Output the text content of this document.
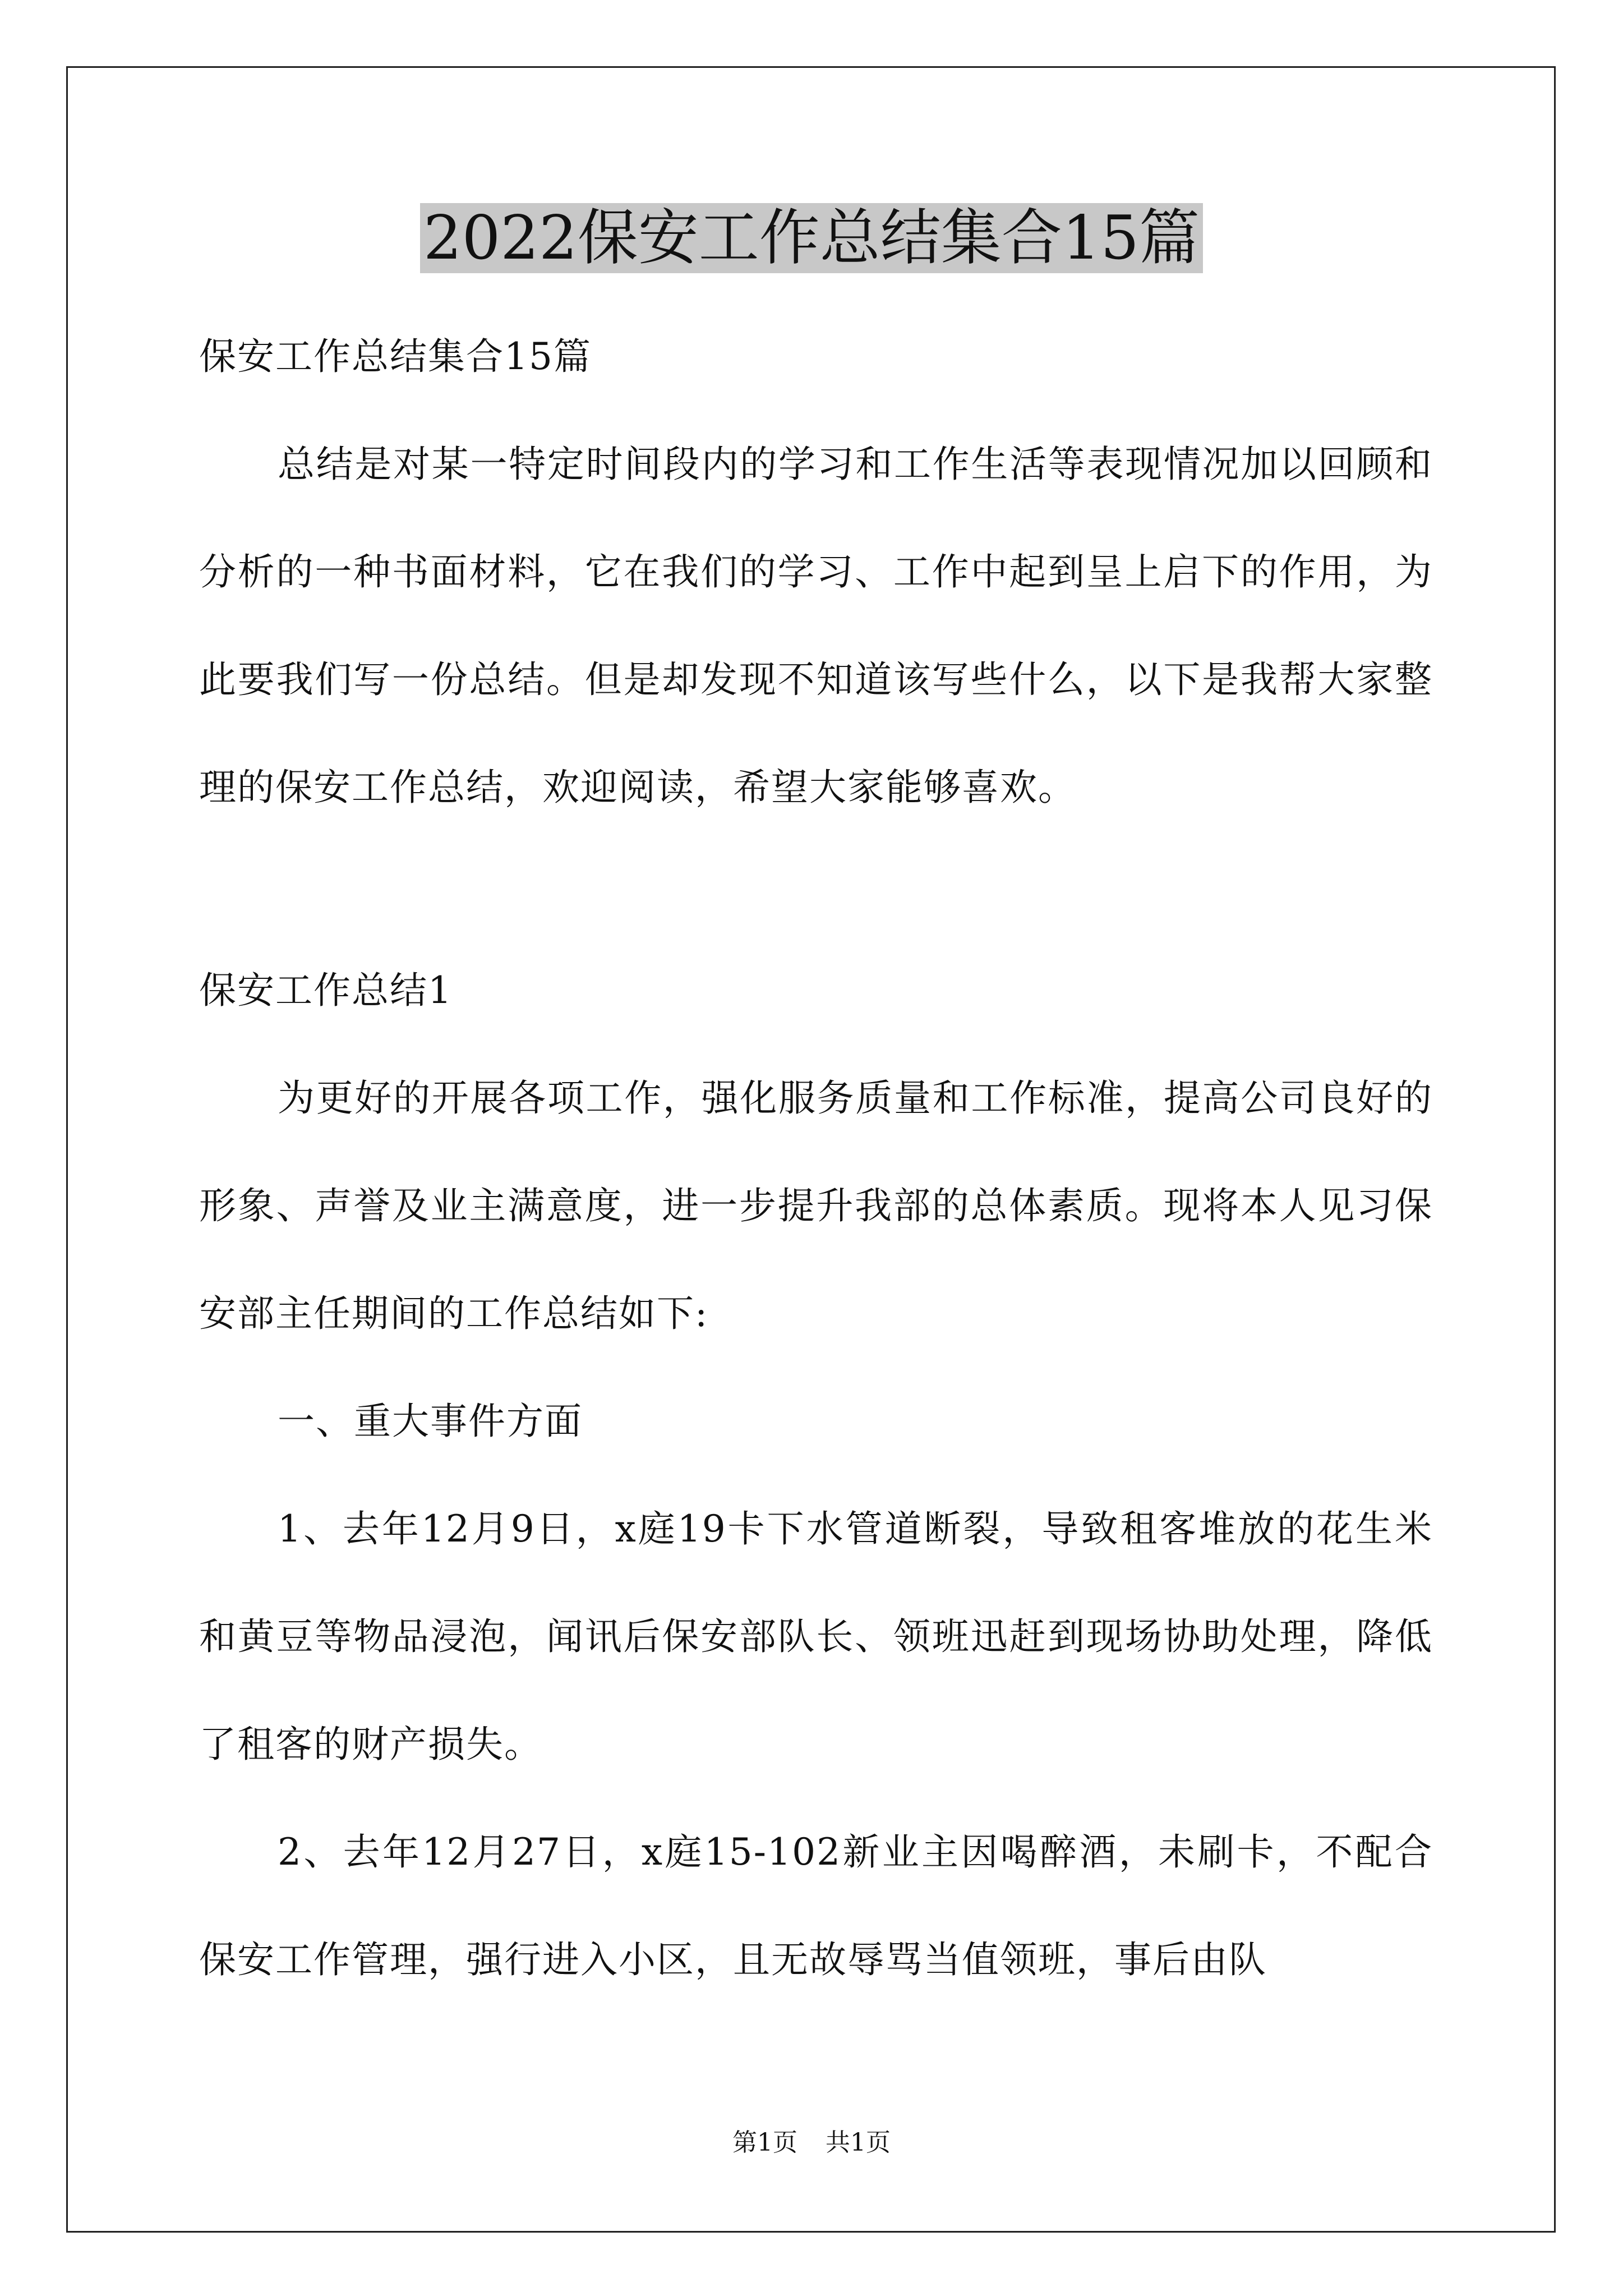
2022保安工作总结集合15篇

保安工作总结集合15篇

总结是对某一特定时间段内的学习和工作生活等表现情况加以回顾和分析的一种书面材料，它在我们的学习、工作中起到呈上启下的作用，为此要我们写一份总结。但是却发现不知道该写些什么，以下是我帮大家整理的保安工作总结，欢迎阅读，希望大家能够喜欢。

保安工作总结1

为更好的开展各项工作，强化服务质量和工作标准，提高公司良好的形象、声誉及业主满意度，进一步提升我部的总体素质。现将本人见习保安部主任期间的工作总结如下:

一、重大事件方面

1、去年12月9日，x庭19卡下水管道断裂，导致租客堆放的花生米和黄豆等物品浸泡，闻讯后保安部队长、领班迅赶到现场协助处理，降低了租客的财产损失。

2、去年12月27日，x庭15-102新业主因喝醉酒，未刷卡，不配合保安工作管理，强行进入小区，且无故辱骂当值领班，事后由队

第1页 共1页
